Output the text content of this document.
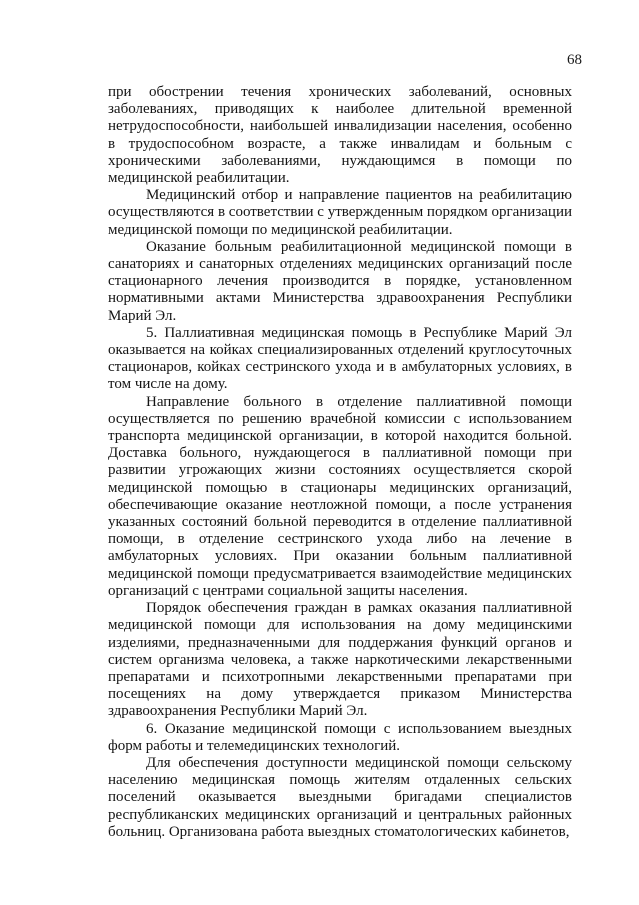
68

при обострении течения хронических заболеваний, основных заболеваниях, приводящих к наиболее длительной временной нетрудоспособности, наибольшей инвалидизации населения, особенно в трудоспособном возрасте, а также инвалидам и больным с хроническими заболеваниями, нуждающимся в помощи по медицинской реабилитации.

Медицинский отбор и направление пациентов на реабилитацию осуществляются в соответствии с утвержденным порядком организации медицинской помощи по медицинской реабилитации.

Оказание больным реабилитационной медицинской помощи в санаториях и санаторных отделениях медицинских организаций после стационарного лечения производится в порядке, установленном нормативными актами Министерства здравоохранения Республики Марий Эл.

5. Паллиативная медицинская помощь в Республике Марий Эл оказывается на койках специализированных отделений круглосуточных стационаров, койках сестринского ухода и в амбулаторных условиях, в том числе на дому.

Направление больного в отделение паллиативной помощи осуществляется по решению врачебной комиссии с использованием транспорта медицинской организации, в которой находится больной. Доставка больного, нуждающегося в паллиативной помощи при развитии угрожающих жизни состояниях осуществляется скорой медицинской помощью в стационары медицинских организаций, обеспечивающие оказание неотложной помощи, а после устранения указанных состояний больной переводится в отделение паллиативной помощи, в отделение сестринского ухода либо на лечение в амбулаторных условиях. При оказании больным паллиативной медицинской помощи предусматривается взаимодействие медицинских организаций с центрами социальной защиты населения.

Порядок обеспечения граждан в рамках оказания паллиативной медицинской помощи для использования на дому медицинскими изделиями, предназначенными для поддержания функций органов и систем организма человека, а также наркотическими лекарственными препаратами и психотропными лекарственными препаратами при посещениях на дому утверждается приказом Министерства здравоохранения Республики Марий Эл.

6. Оказание медицинской помощи с использованием выездных форм работы и телемедицинских технологий.

Для обеспечения доступности медицинской помощи сельскому населению медицинская помощь жителям отдаленных сельских поселений оказывается выездными бригадами специалистов республиканских медицинских организаций и центральных районных больниц. Организована работа выездных стоматологических кабинетов,
